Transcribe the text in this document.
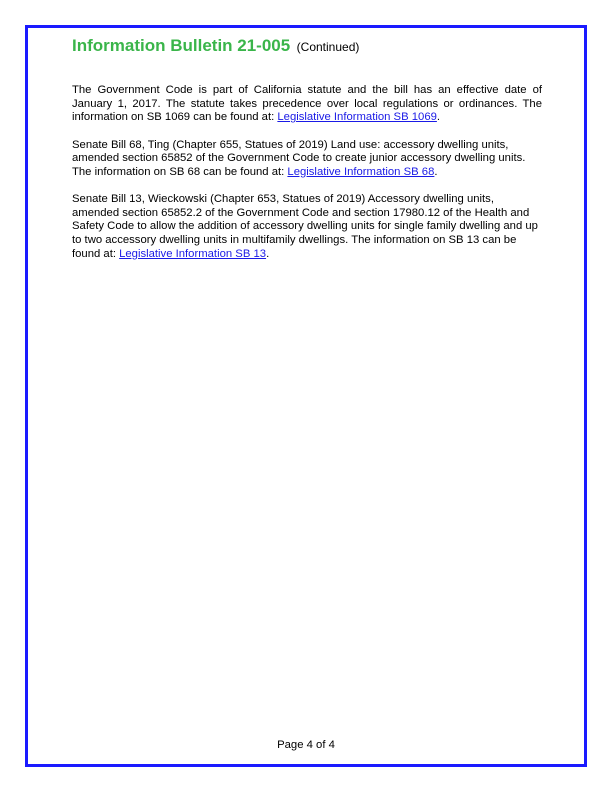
Information Bulletin 21-005 (Continued)

The Government Code is part of California statute and the bill has an effective date of January 1, 2017. The statute takes precedence over local regulations or ordinances. The information on SB 1069 can be found at: Legislative Information SB 1069.

Senate Bill 68, Ting (Chapter 655, Statues of 2019) Land use: accessory dwelling units, amended section 65852 of the Government Code to create junior accessory dwelling units. The information on SB 68 can be found at: Legislative Information SB 68.

Senate Bill 13, Wieckowski (Chapter 653, Statues of 2019) Accessory dwelling units, amended section 65852.2 of the Government Code and section 17980.12 of the Health and Safety Code to allow the addition of accessory dwelling units for single family dwelling and up to two accessory dwelling units in multifamily dwellings. The information on SB 13 can be found at: Legislative Information SB 13.

Page 4 of 4
